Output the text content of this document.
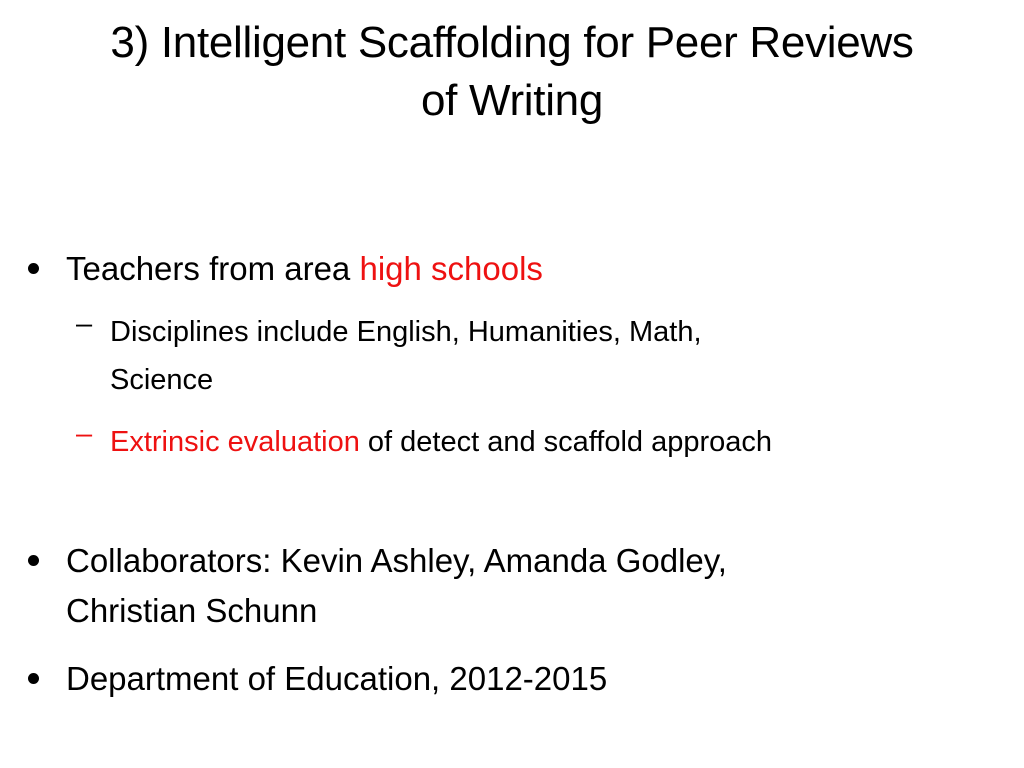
3) Intelligent Scaffolding for Peer Reviews
of Writing
Teachers from area high schools
– Disciplines include English, Humanities, Math,
Science
– Extrinsic evaluation of detect and scaffold approach
Collaborators: Kevin Ashley, Amanda Godley,
Christian Schunn
Department of Education, 2012-2015
